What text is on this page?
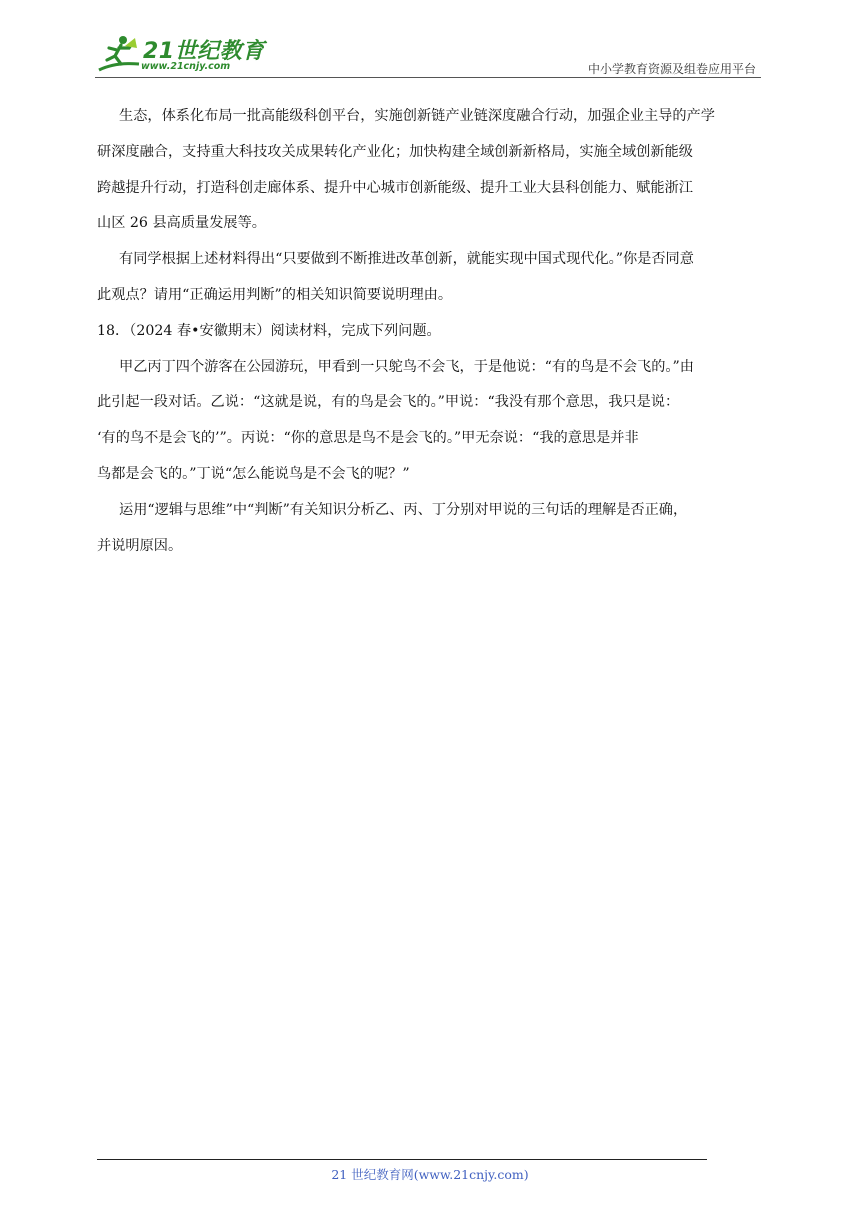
21世纪教育
www.21cnjy.com	中小学教育资源及组卷应用平台
生态，体系化布局一批高能级科创平台，实施创新链产业链深度融合行动，加强企业主导的产学
研深度融合，支持重大科技攻关成果转化产业化；加快构建全域创新新格局，实施全域创新能级
跨越提升行动，打造科创走廊体系、提升中心城市创新能级、提升工业大县科创能力、赋能浙江
山区 26 县高质量发展等。
有同学根据上述材料得出“只要做到不断推进改革创新，就能实现中国式现代化。”你是否同意
此观点？请用“正确运用判断”的相关知识简要说明理由。
18．（2024 春•安徽期末）阅读材料，完成下列问题。
甲乙丙丁四个游客在公园游玩，甲看到一只鸵鸟不会飞，于是他说：“有的鸟是不会飞的。”由
此引起一段对话。乙说：“这就是说，有的鸟是会飞的。”甲说：“我没有那个意思，我只是说：
‘有的鸟不是会飞的’”。丙说：“你的意思是鸟不是会飞的。”甲无奈说：“我的意思是并非
鸟都是会飞的。”丁说“怎么能说鸟是不会飞的呢？”
运用“逻辑与思维”中“判断”有关知识分析乙、丙、丁分别对甲说的三句话的理解是否正确，
并说明原因。
21 世纪教育网(www.21cnjy.com)
